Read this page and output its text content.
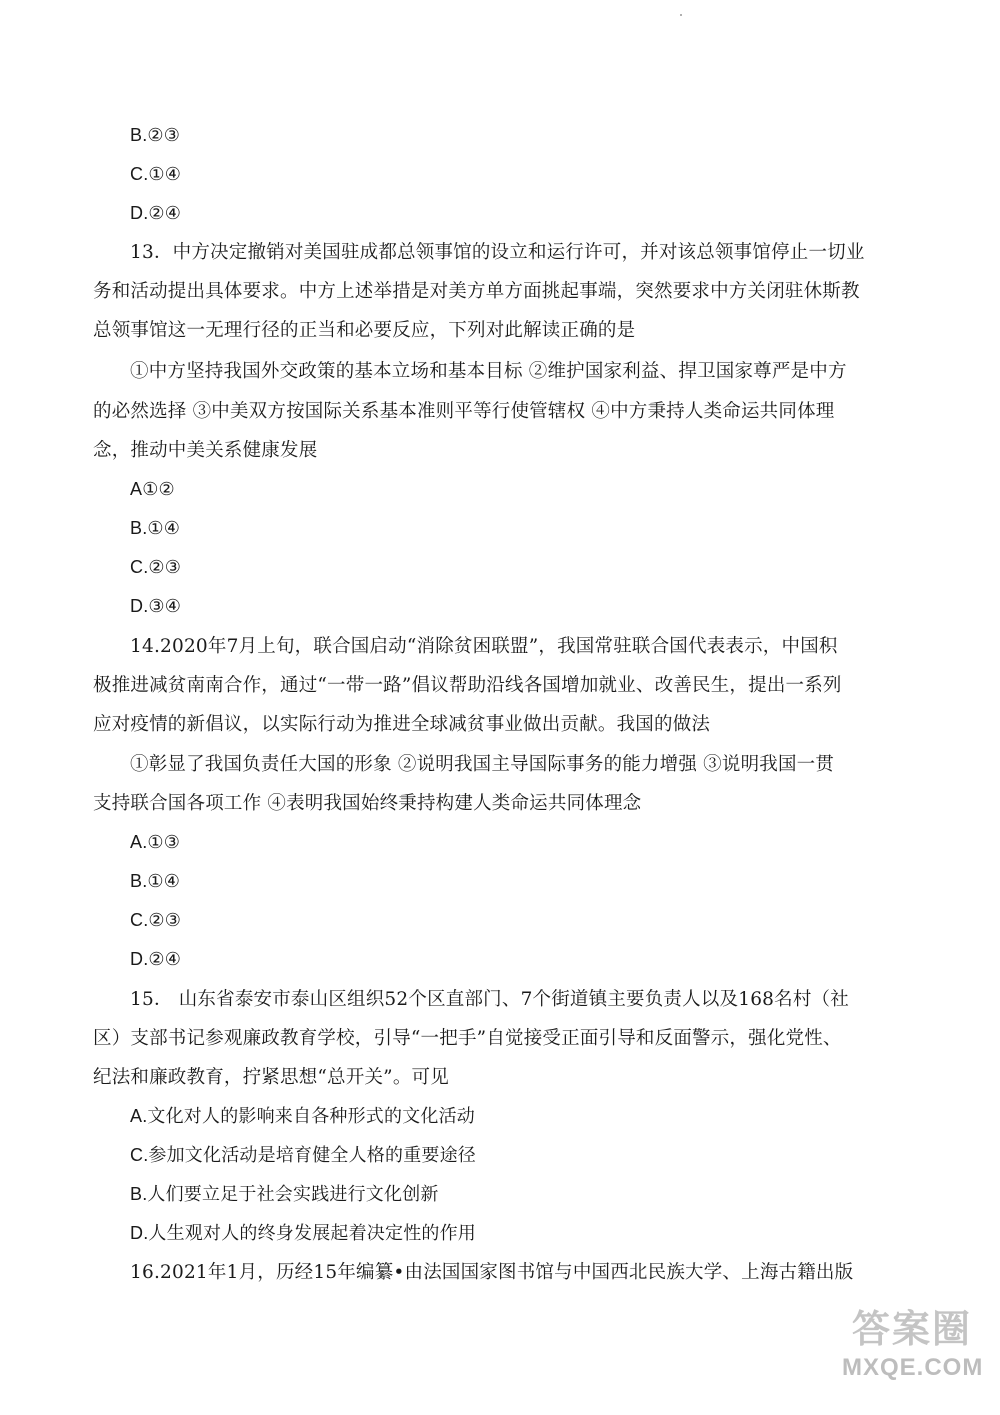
B.②③
C.①④
D.②④
13．中方决定撤销对美国驻成都总领事馆的设立和运行许可，并对该总领事馆停止一切业
务和活动提出具体要求。中方上述举措是对美方单方面挑起事端，突然要求中方关闭驻休斯教
总领事馆这一无理行径的正当和必要反应，下列对此解读正确的是
①中方坚持我国外交政策的基本立场和基本目标 ②维护国家利益、捍卫国家尊严是中方
的必然选择 ③中美双方按国际关系基本准则平等行使管辖权 ④中方秉持人类命运共同体理
念，推动中美关系健康发展
A①②
B.①④
C.②③
D.③④
14.2020年7月上旬，联合国启动“消除贫困联盟”，我国常驻联合国代表表示，中国积
极推进减贫南南合作，通过“一带一路”倡议帮助沿线各国增加就业、改善民生，提出一系列
应对疫情的新倡议，以实际行动为推进全球减贫事业做出贡献。我国的做法
①彰显了我国负责任大国的形象 ②说明我国主导国际事务的能力增强 ③说明我国一贯
支持联合国各项工作 ④表明我国始终秉持构建人类命运共同体理念
A.①③
B.①④
C.②③
D.②④
15． 山东省泰安市泰山区组织52个区直部门、7个街道镇主要负责人以及168名村（社
区）支部书记参观廉政教育学校，引导“一把手”自觉接受正面引导和反面警示，强化党性、
纪法和廉政教育，拧紧思想“总开关”。可见
A.文化对人的影响来自各种形式的文化活动
C.参加文化活动是培育健全人格的重要途径
B.人们要立足于社会实践进行文化创新
D.人生观对人的终身发展起着决定性的作用
16.2021年1月，历经15年编纂•由法国国家图书馆与中国西北民族大学、上海古籍出版
答案圈
MXQE.COM
